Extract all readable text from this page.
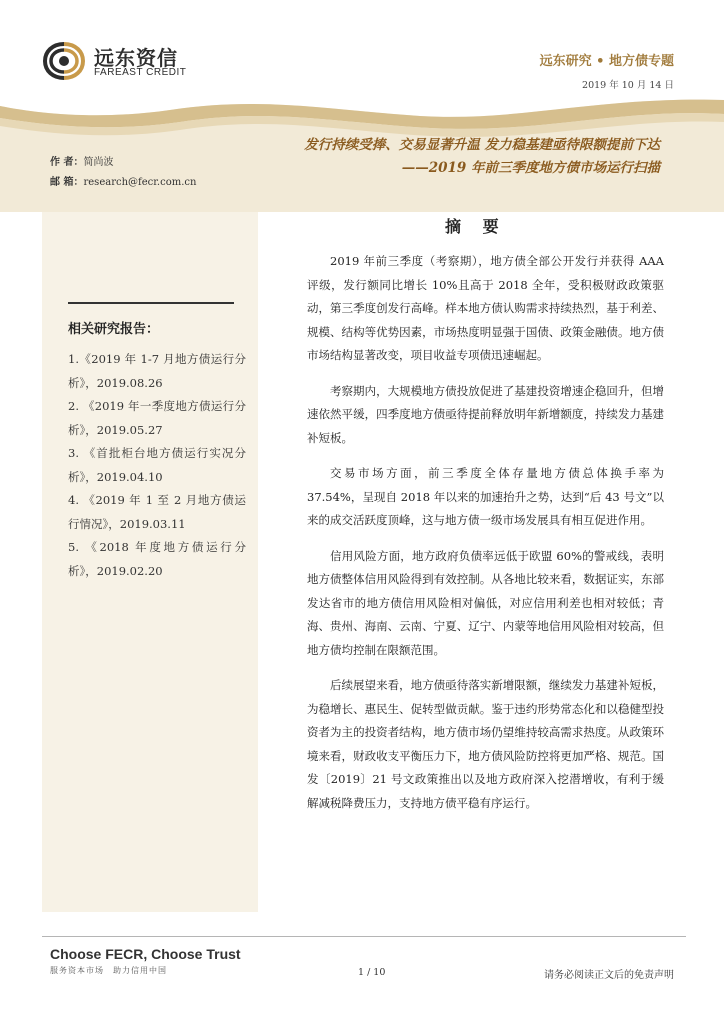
远东资信
FAREAST CREDIT
远东研究 • 地方债专题
2019 年 10 月 14 日
发行持续受捧、交易显著升温 发力稳基建亟待限额提前下达
——2019 年前三季度地方债市场运行扫描
作 者：简尚波
邮 箱：research@fecr.com.cn
相关研究报告：
1.《2019 年 1-7 月地方债运行分析》，2019.08.26
2. 《2019 年一季度地方债运行分析》，2019.05.27
3. 《首批柜台地方债运行实况分析》，2019.04.10
4. 《2019 年 1 至 2 月地方债运行情况》，2019.03.11
5. 《2018 年度地方债运行分析》，2019.02.20
摘 要

2019 年前三季度（考察期），地方债全部公开发行并获得 AAA 评级，发行额同比增长 10%且高于 2018 全年，受积极财政政策驱动，第三季度创发行高峰。样本地方债认购需求持续热烈，基于利差、规模、结构等优势因素，市场热度明显强于国债、政策金融债。地方债市场结构显著改变，项目收益专项债迅速崛起。

考察期内，大规模地方债投放促进了基建投资增速企稳回升，但增速依然平缓，四季度地方债亟待提前释放明年新增额度，持续发力基建补短板。

交易市场方面，前三季度全体存量地方债总体换手率为 37.54%，呈现自 2018 年以来的加速抬升之势，达到“后 43 号文”以来的成交活跃度顶峰，这与地方债一级市场发展具有相互促进作用。

信用风险方面，地方政府负债率远低于欧盟 60%的警戒线，表明地方债整体信用风险得到有效控制。从各地比较来看，数据证实，东部发达省市的地方债信用风险相对偏低，对应信用利差也相对较低；青海、贵州、海南、云南、宁夏、辽宁、内蒙等地信用风险相对较高，但地方债均控制在限额范围。

后续展望来看，地方债亟待落实新增限额，继续发力基建补短板，为稳增长、惠民生、促转型做贡献。鉴于违约形势常态化和以稳健型投资者为主的投资者结构，地方债市场仍望维持较高需求热度。从政策环境来看，财政收支平衡压力下，地方债风险防控将更加严格、规范。国发〔2019〕21 号文政策推出以及地方政府深入挖潜增收，有利于缓解减税降费压力，支持地方债平稳有序运行。

Choose FECR, Choose Trust
服务资本市场　助力信用中国	1 / 10	请务必阅读正文后的免责声明
